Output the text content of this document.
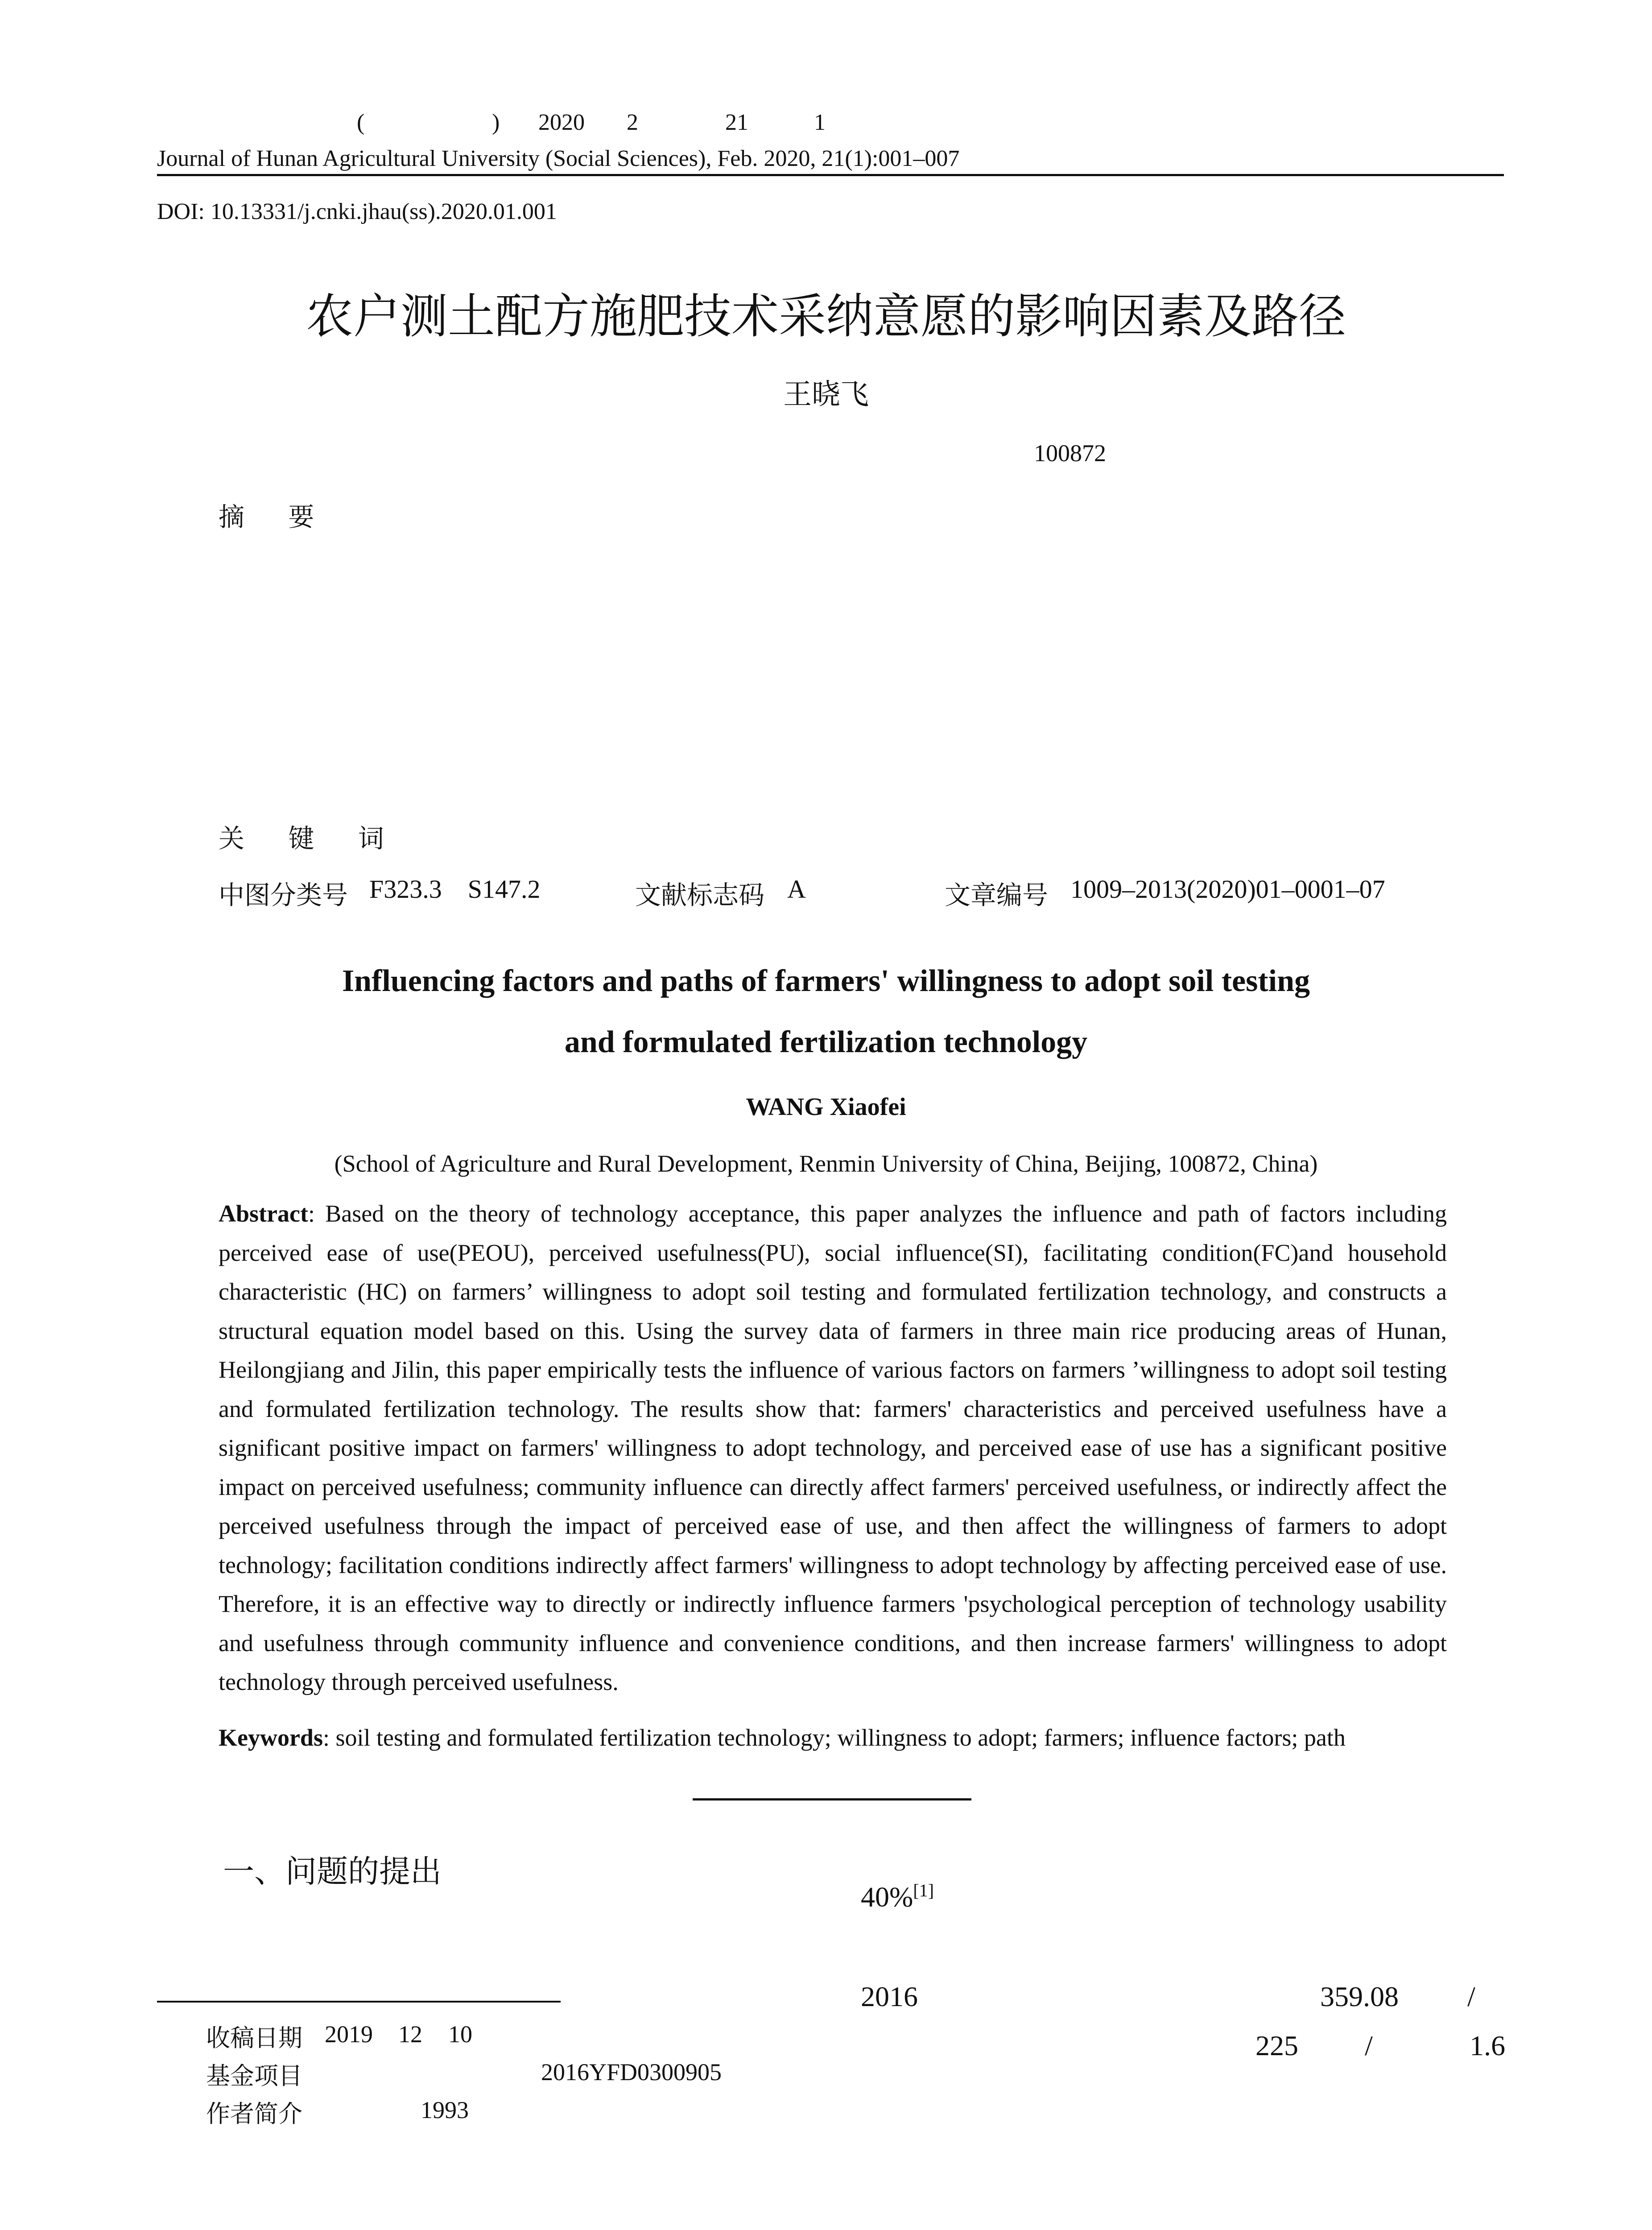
(	) 2020 2	21	1
Journal of Hunan Agricultural University (Social Sciences), Feb. 2020, 21(1):001–007
DOI: 10.13331/j.cnki.jhau(ss).2020.01.001
农户测土配方施肥技术采纳意愿的影响因素及路径
王晓飞
100872
摘 要
关 键 词
中图分类号 F323.3    S147.2	文献标志码 A	文章编号 1009–2013(2020)01–0001–07
Influencing factors and paths of farmers' willingness to adopt soil testing
and formulated fertilization technology
WANG Xiaofei
(School of Agriculture and Rural Development, Renmin University of China, Beijing, 100872, China)
Abstract: Based on the theory of technology acceptance, this paper analyzes the influence and path of factors including perceived ease of use(PEOU), perceived usefulness(PU), social influence(SI), facilitating condition(FC)and household characteristic (HC) on farmers’ willingness to adopt soil testing and formulated fertilization technology, and constructs a structural equation model based on this. Using the survey data of farmers in three main rice producing areas of Hunan, Heilongjiang and Jilin, this paper empirically tests the influence of various factors on farmers ’willingness to adopt soil testing and formulated fertilization technology. The results show that: farmers' characteristics and perceived usefulness have a significant positive impact on farmers' willingness to adopt technology, and perceived ease of use has a significant positive impact on perceived usefulness; community influence can directly affect farmers' perceived usefulness, or indirectly affect the perceived usefulness through the impact of perceived ease of use, and then affect the willingness of farmers to adopt technology; facilitation conditions indirectly affect farmers' willingness to adopt technology by affecting perceived ease of use. Therefore, it is an effective way to directly or indirectly influence farmers 'psychological perception of technology usability and usefulness through community influence and convenience conditions, and then increase farmers' willingness to adopt technology through perceived usefulness.
Keywords: soil testing and formulated fertilization technology; willingness to adopt; farmers; influence factors; path
一、问题的提出
40%[1]
2016	359.08 /
225 /	1.6
收稿日期 2019 12 10
基金项目	2016YFD0300905
作者简介	1993
